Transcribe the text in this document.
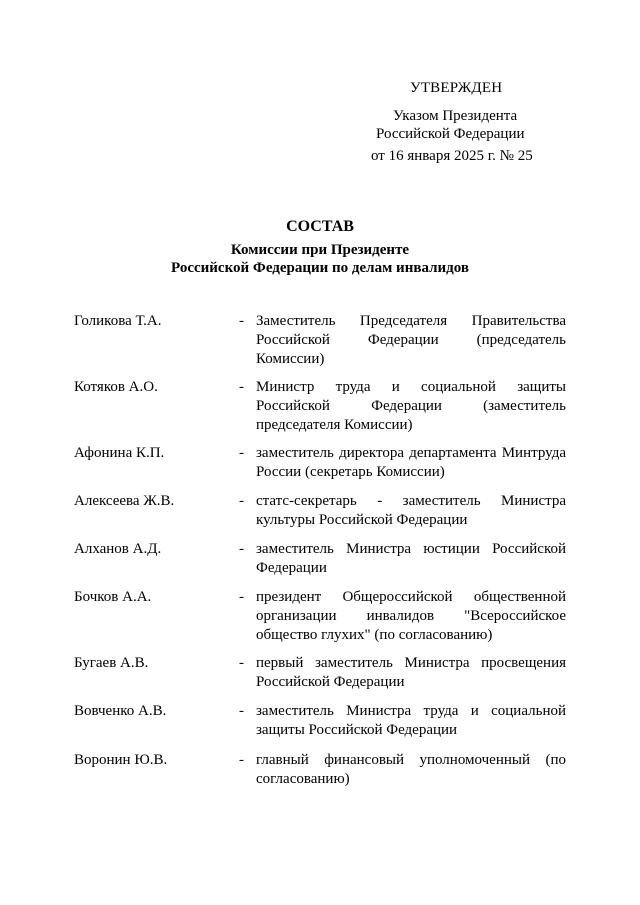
УТВЕРЖДЕН
Указом Президента
Российской Федерации
от 16 января 2025 г. № 25
СОСТАВ
Комиссии при Президенте
Российской Федерации по делам инвалидов
Голикова Т.А.	- Заместитель Председателя Правительства Российской Федерации (председатель Комиссии)
Котяков А.О.	- Министр труда и социальной защиты Российской Федерации (заместитель председателя Комиссии)
Афонина К.П.	- заместитель директора департамента Минтруда России (секретарь Комиссии)
Алексеева Ж.В.	- статс-секретарь - заместитель Министра культуры Российской Федерации
Алханов А.Д.	- заместитель Министра юстиции Российской Федерации
Бочков А.А.	- президент Общероссийской общественной организации инвалидов "Всероссийское общество глухих" (по согласованию)
Бугаев А.В.	- первый заместитель Министра просвещения Российской Федерации
Вовченко А.В.	- заместитель Министра труда и социальной защиты Российской Федерации
Воронин Ю.В.	- главный финансовый уполномоченный (по согласованию)
